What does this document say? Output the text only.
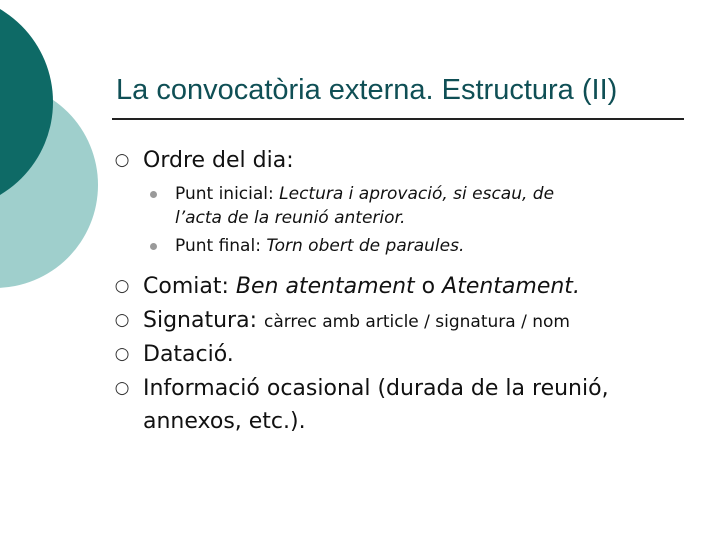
La convocatòria externa. Estructura (II)
○ Ordre del dia:
Punt inicial: Lectura i aprovació, si escau, de
l’acta de la reunió anterior.
Punt final: Torn obert de paraules.
○ Comiat: Ben atentament o Atentament.
○ Signatura: càrrec amb article / signatura / nom
○ Datació.
○ Informació ocasional (durada de la reunió,
annexos, etc.).
